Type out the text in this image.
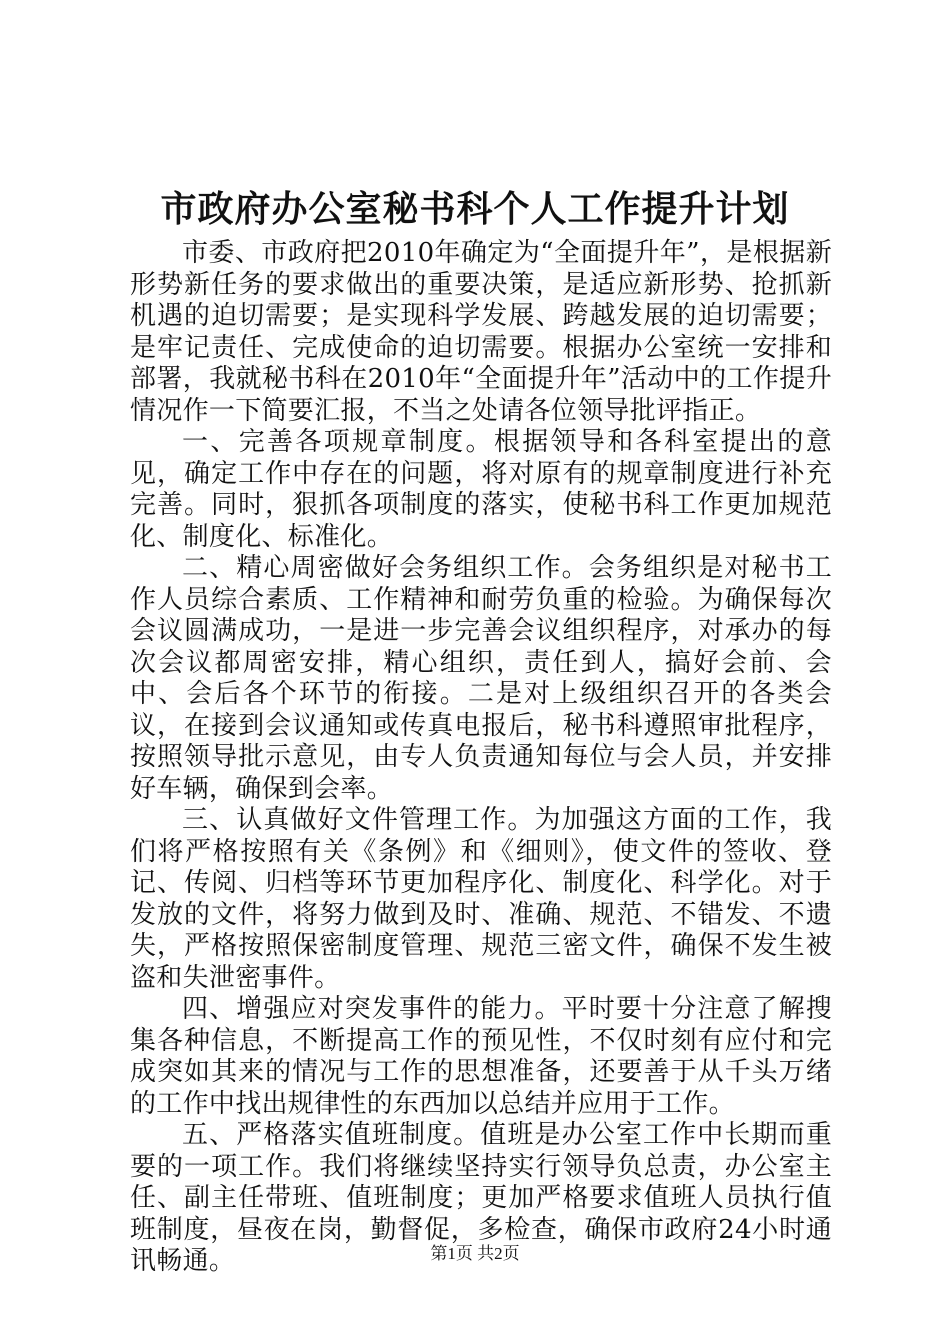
市政府办公室秘书科个人工作提升计划

市委、市政府把2010年确定为“全面提升年”，是根据新形势新任务的要求做出的重要决策，是适应新形势、抢抓新机遇的迫切需要；是实现科学发展、跨越发展的迫切需要；是牢记责任、完成使命的迫切需要。根据办公室统一安排和部署，我就秘书科在2010年“全面提升年”活动中的工作提升情况作一下简要汇报，不当之处请各位领导批评指正。

一、完善各项规章制度。根据领导和各科室提出的意见，确定工作中存在的问题，将对原有的规章制度进行补充完善。同时，狠抓各项制度的落实，使秘书科工作更加规范化、制度化、标准化。

二、精心周密做好会务组织工作。会务组织是对秘书工作人员综合素质、工作精神和耐劳负重的检验。为确保每次会议圆满成功，一是进一步完善会议组织程序，对承办的每次会议都周密安排，精心组织，责任到人，搞好会前、会中、会后各个环节的衔接。二是对上级组织召开的各类会议，在接到会议通知或传真电报后，秘书科遵照审批程序，按照领导批示意见，由专人负责通知每位与会人员，并安排好车辆，确保到会率。

三、认真做好文件管理工作。为加强这方面的工作，我们将严格按照有关《条例》和《细则》，使文件的签收、登记、传阅、归档等环节更加程序化、制度化、科学化。对于发放的文件，将努力做到及时、准确、规范、不错发、不遗失，严格按照保密制度管理、规范三密文件，确保不发生被盗和失泄密事件。

四、增强应对突发事件的能力。平时要十分注意了解搜集各种信息，不断提高工作的预见性，不仅时刻有应付和完成突如其来的情况与工作的思想准备，还要善于从千头万绪的工作中找出规律性的东西加以总结并应用于工作。

五、严格落实值班制度。值班是办公室工作中长期而重要的一项工作。我们将继续坚持实行领导负总责，办公室主任、副主任带班、值班制度；更加严格要求值班人员执行值班制度，昼夜在岗，勤督促，多检查，确保市政府24小时通讯畅通。	第1页 共2页
